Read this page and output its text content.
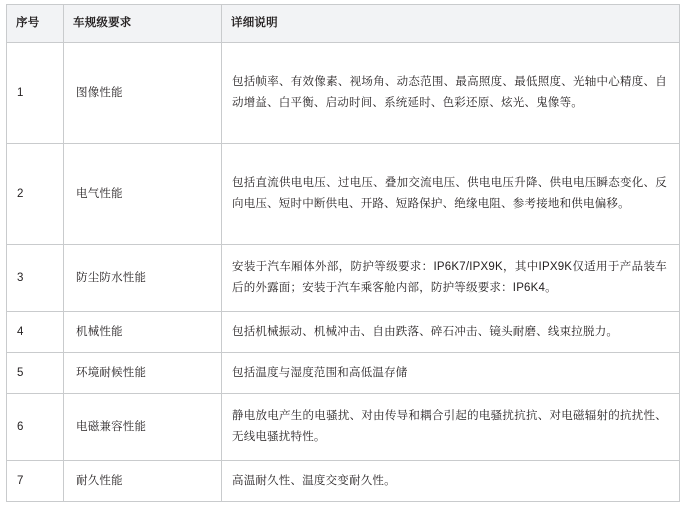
序号	车规级要求	详细说明
1	图像性能	包括帧率、有效像素、视场角、动态范围、最高照度、最低照度、光轴中心精度、自动增益、白平衡、启动时间、系统延时、色彩还原、炫光、鬼像等。
2	电气性能	包括直流供电电压、过电压、叠加交流电压、供电电压升降、供电电压瞬态变化、反向电压、短时中断供电、开路、短路保护、绝缘电阻、参考接地和供电偏移。
3	防尘防水性能	安装于汽车厢体外部，防护等级要求：IP6K7/IPX9K，其中IPX9K仅适用于产品装车后的外露面；安装于汽车乘客舱内部，防护等级要求：IP6K4。
4	机械性能	包括机械振动、机械冲击、自由跌落、碎石冲击、镜头耐磨、线束拉脱力。
5	环境耐候性能	包括温度与湿度范围和高低温存储
6	电磁兼容性能	静电放电产生的电骚扰、对由传导和耦合引起的电骚扰抗抗、对电磁辐射的抗扰性、无线电骚扰特性。
7	耐久性能	高温耐久性、温度交变耐久性。
